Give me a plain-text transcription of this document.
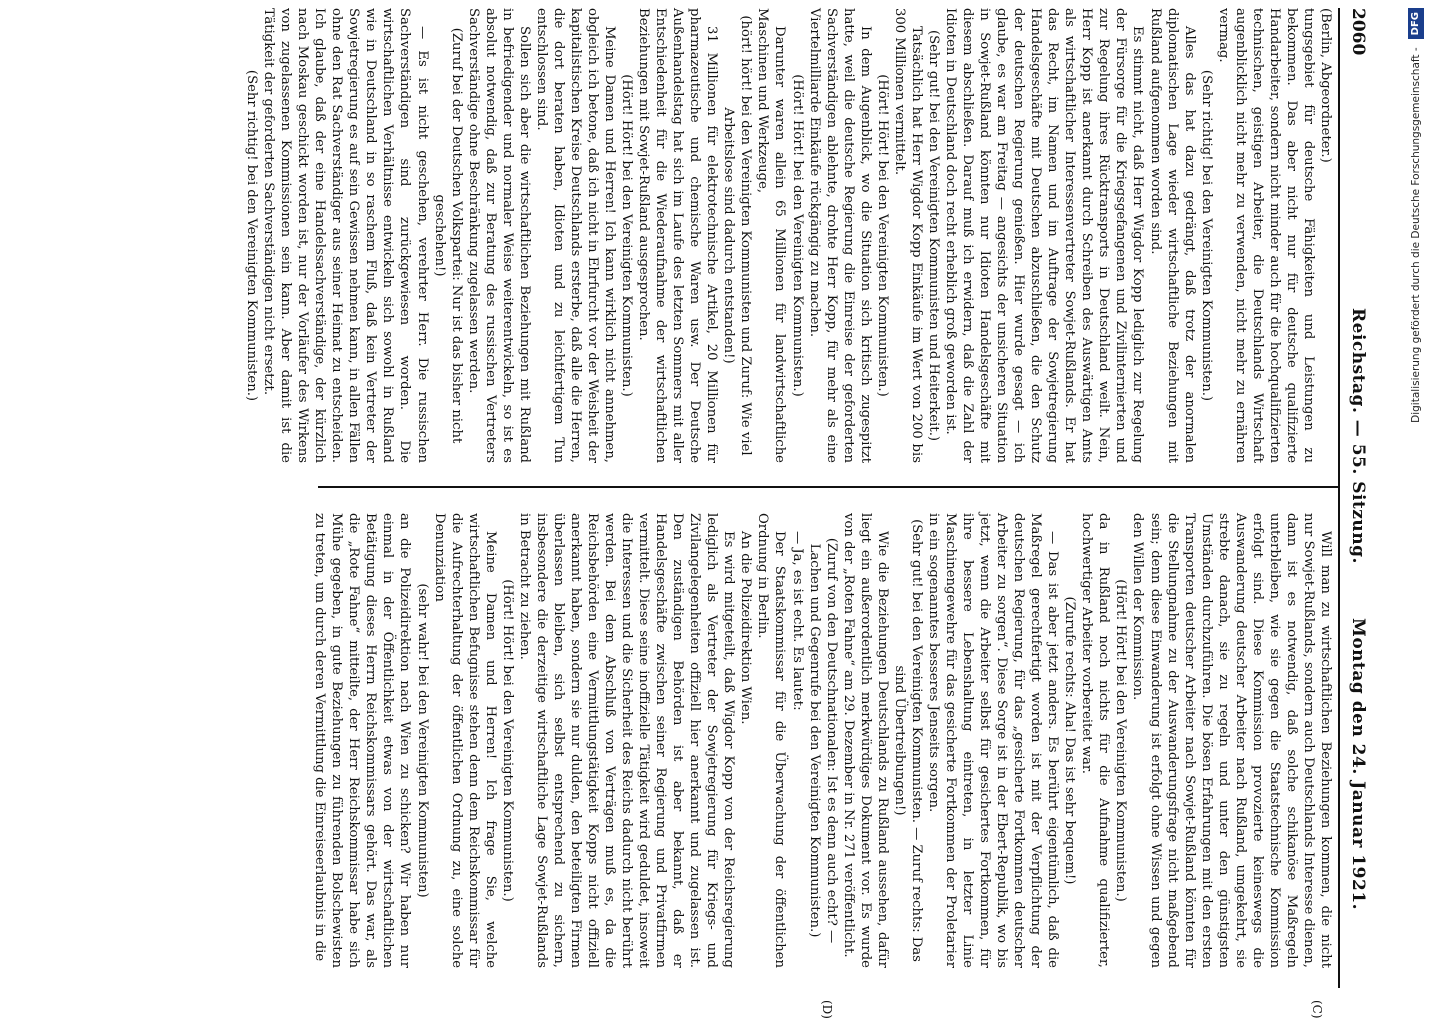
2060
Reichstag. — 55. Sitzung.
Montag den 24. Januar 1921.
(C)
(D)

(Berlin, Abgeordneter.)

tungsgebiet für deutsche Fähigkeiten und Leistungen zu bekommen. Das aber nicht nur für deutsche qualifizierte Handarbeiter, sondern nicht minder auch für die hochqualifizierten technischen, geistigen Arbeiter, die Deutschlands Wirtschaft augenblicklich nicht mehr zu verwenden, nicht mehr zu ernähren vermag.

(Sehr richtig! bei den Vereinigten Kommunisten.)

Alles das hat dazu gedrängt, daß trotz der anormalen diplomatischen Lage wieder wirtschaftliche Beziehungen mit Rußland aufgenommen worden sind.

Es stimmt nicht, daß Herr Wigdor Kopp lediglich zur Regelung der Fürsorge für die Kriegsgefangenen und Zivilinternierten und zur Regelung ihres Rücktransports in Deutschland weilt. Nein, Herr Kopp ist anerkannt durch Schreiben des Auswärtigen Amts als wirtschaftlicher Interessenvertreter Sowjet-Rußlands. Er hat das Recht, im Namen und im Auftrage der Sowjetregierung Handelsgeschäfte mit Deutschen abzuschließen, die den Schutz der deutschen Regierung genießen. Hier wurde gesagt — ich glaube, es war am Freitag — angesichts der unsicheren Situation in Sowjet-Rußland könnten nur Idioten Handelsgeschäfte mit diesem abschließen. Darauf muß ich erwidern, daß die Zahl der Idioten in Deutschland doch recht erheblich groß geworden ist.

(Sehr gut! bei den Vereinigten Kommunisten und Heiterkeit.)

Tatsächlich hat Herr Wigdor Kopp Einkäufe im Wert von 200 bis 300 Millionen vermittelt.

(Hört! Hört! bei den Vereinigten Kommunisten.)

In dem Augenblick, wo die Situation sich kritisch zugespitzt hatte, weil die deutsche Regierung die Einreise der geforderten Sachverständigen ablehnte, drohte Herr Kopp, für mehr als eine Viertelmilliarde Einkäufe rückgängig zu machen.

(Hört! Hört! bei den Vereinigten Kommunisten.)

Darunter waren allein 65 Millionen für landwirtschaftliche Maschinen und Werkzeuge,

(hört! hört! bei den Vereinigten Kommunisten und Zuruf: Wie viel Arbeitslose sind dadurch entstanden!)

31 Millionen für elektrotechnische Artikel, 20 Millionen für pharmazeutische und chemische Waren usw. Der Deutsche Außenhandelstag hat sich im Laufe des letzten Sommers mit aller Entschiedenheit für die Wiederaufnahme der wirtschaftlichen Beziehungen mit Sowjet-Rußland ausgesprochen.

(Hört! Hört! bei den Vereinigten Kommunisten.)

Meine Damen und Herren! Ich kann wirklich nicht annehmen, obgleich ich betone, daß ich nicht in Ehrfurcht vor der Weisheit der kapitalistischen Kreise Deutschlands ersterbe, daß alle die Herren, die dort beraten haben, Idioten und zu leichtfertigem Tun entschlossen sind.

Sollen sich aber die wirtschaftlichen Beziehungen mit Rußland in befriedigender und normaler Weise weiterentwickeln, so ist es absolut notwendig, daß zur Beratung des russischen Vertreters Sachverständige ohne Beschränkung zugelassen werden.

(Zuruf bei der Deutschen Volkspartei: Nur ist das bisher nicht geschehen!)

— Es ist nicht geschehen, verehrter Herr. Die russischen Sachverständigen sind zurückgewiesen worden. Die wirtschaftlichen Verhältnisse entwickeln sich sowohl in Rußland wie in Deutschland in so raschem Fluß, daß kein Vertreter der Sowjetregierung es auf sein Gewissen nehmen kann, in allen Fällen ohne den Rat Sachverständiger aus seiner Heimat zu entscheiden. Ich glaube, daß der eine Handelssachverständige, der kürzlich nach Moskau geschickt worden ist, nur der Vorläufer des Wirkens von zugelassenen Kommissionen sein kann. Aber damit ist die Tätigkeit der geforderten Sachverständigen nicht ersetzt.

(Sehr richtig! bei den Vereinigten Kommunisten.)

Will man zu wirtschaftlichen Beziehungen kommen, die nicht nur Sowjet-Rußlands, sondern auch Deutschlands Interesse dienen, dann ist es notwendig, daß solche schikanöse Maßregeln unterbleiben, wie sie gegen die Staatstechnische Kommission erfolgt sind. Diese Kommission provozierte keineswegs die Auswanderung deutscher Arbeiter nach Rußland, umgekehrt, sie strebte danach, sie zu regeln und unter den günstigsten Umständen durchzuführen. Die bösen Erfahrungen mit den ersten Transporten deutscher Arbeiter nach Sowjet-Rußland könnten für die Stellungnahme zu der Auswanderungsfrage nicht maßgebend sein; denn diese Einwanderung ist erfolgt ohne Wissen und gegen den Willen der Kommission.

(Hört! Hört! bei den Vereinigten Kommunisten.)

da in Rußland noch nichts für die Aufnahme qualifizierter, hochwertiger Arbeiter vorbereitet war.

(Zurufe rechts: Aha! Das ist sehr bequem!)

— Das ist aber jetzt anders. Es berührt eigentümlich, daß die Maßregel gerechtfertigt worden ist mit der Verpflichtung der deutschen Regierung, für das „gesicherte Fortkommen deutscher Arbeiter zu sorgen“. Diese Sorge ist in der Ebert-Republik, wo bis jetzt, wenn die Arbeiter selbst für gesichertes Fortkommen, für ihre bessere Lebenshaltung eintreten, in letzter Linie Maschinengewehre für das gesicherte Fortkommen der Proletarier in ein sogenanntes besseres Jenseits sorgen.

(Sehr gut! bei den Vereinigten Kommunisten. — Zuruf rechts: Das sind Übertreibungen!)

Wie die Beziehungen Deutschlands zu Rußland aussehen, dafür liegt ein außerordentlich merkwürdiges Dokument vor. Es wurde von der „Roten Fahne“ am 29. Dezember in Nr. 271 veröffentlicht.

(Zuruf von den Deutschnationalen: Ist es denn auch echt? — Lachen und Gegenrufe bei den Vereinigten Kommunisten.)

— Ja, es ist echt. Es lautet:

Der Staatskommissar für die Überwachung der öffentlichen Ordnung in Berlin.

An die Polizeidirektion Wien.

Es wird mitgeteilt, daß Wigdor Kopp von der Reichsregierung lediglich als Vertreter der Sowjetregierung für Kriegs- und Zivilangelegenheiten offiziell hier anerkannt und zugelassen ist. Den zuständigen Behörden ist aber bekannt, daß er Handelsgeschäfte zwischen seiner Regierung und Privatfirmen vermittelt. Diese seine inoffizielle Tätigkeit wird geduldet, insoweit die Interessen und die Sicherheit des Reichs dadurch nicht berührt werden. Bei dem Abschluß von Verträgen muß es, da die Reichsbehörden eine Vermittlungstätigkeit Kopps nicht offiziell anerkannt haben, sondern sie nur dulden, den beteiligten Firmen überlassen bleiben, sich selbst entsprechend zu sichern, insbesondere die derzeitige wirtschaftliche Lage Sowjet-Rußlands in Betracht zu ziehen.

(Hört! Hört! bei den Vereinigten Kommunisten.)

Meine Damen und Herren! Ich frage Sie, welche wirtschaftlichen Befugnisse stehen denn dem Reichskommissar für die Aufrechterhaltung der öffentlichen Ordnung zu, eine solche Denunziation

(sehr wahr! bei den Vereinigten Kommunisten)

an die Polizeidirektion nach Wien zu schicken? Wir haben nur einmal in der Öffentlichkeit etwas von der wirtschaftlichen Betätigung dieses Herrn Reichskommissars gehört. Das war, als die „Rote Fahne“ mitteilte, der Herr Reichskommissar habe sich Mühe gegeben, in gute Beziehungen zu führenden Bolschewisten zu treten, um durch deren Vermittlung die Einreiseerlaubnis in die

Digitalisierung gefördert durch die Deutsche Forschungsgemeinschaft -
DFG
